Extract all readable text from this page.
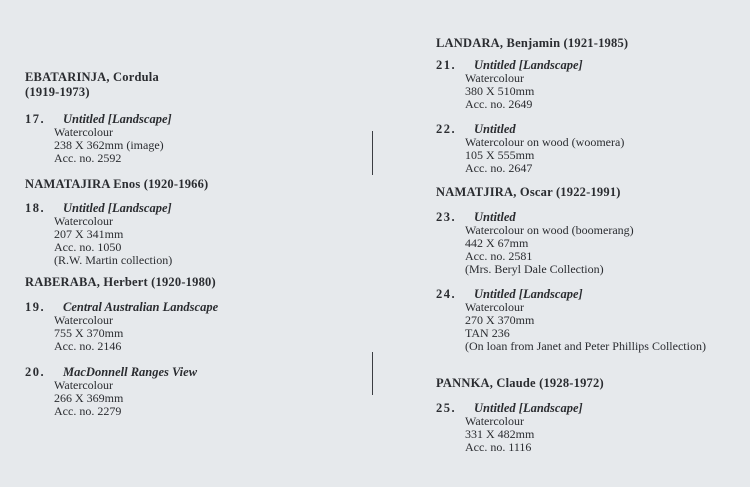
EBATARINJA, Cordula
(1919-1973)
17. Untitled [Landscape]
Watercolour
238 X 362mm (image)
Acc. no. 2592
NAMATAJIRA Enos (1920-1966)
18. Untitled [Landscape]
Watercolour
207 X 341mm
Acc. no. 1050
(R.W. Martin collection)
RABERABA, Herbert (1920-1980)
19. Central Australian Landscape
Watercolour
755 X 370mm
Acc. no. 2146
20. MacDonnell Ranges View
Watercolour
266 X 369mm
Acc. no. 2279
LANDARA, Benjamin (1921-1985)
21. Untitled [Landscape]
Watercolour
380 X 510mm
Acc. no. 2649
22. Untitled
Watercolour on wood (woomera)
105 X 555mm
Acc. no. 2647
NAMATJIRA, Oscar (1922-1991)
23. Untitled
Watercolour on wood (boomerang)
442 X 67mm
Acc. no. 2581
(Mrs. Beryl Dale Collection)
24. Untitled [Landscape]
Watercolour
270 X 370mm
TAN 236
(On loan from Janet and Peter Phillips Collection)
PANNKA, Claude (1928-1972)
25. Untitled [Landscape]
Watercolour
331 X 482mm
Acc. no. 1116
